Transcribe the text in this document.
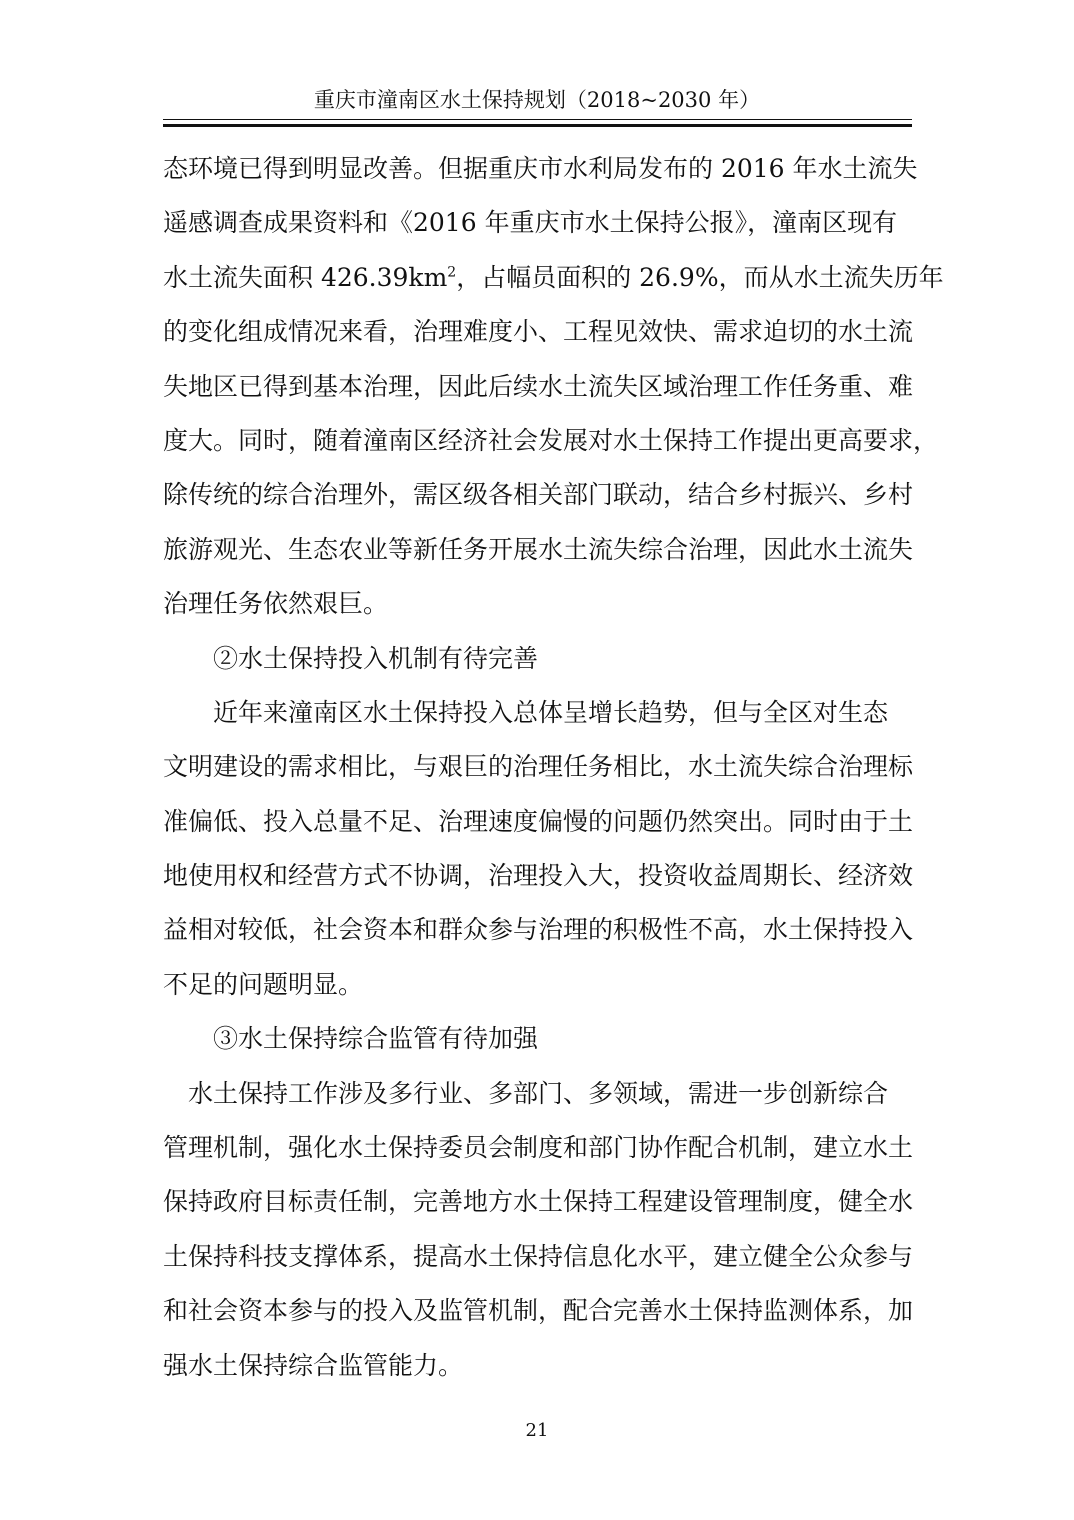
重庆市潼南区水土保持规划（2018~2030 年）
态环境已得到明显改善。但据重庆市水利局发布的 2016 年水土流失
遥感调查成果资料和《2016 年重庆市水土保持公报》，潼南区现有
水土流失面积 $426.39km^2$，占幅员面积的 26.9%，而从水土流失历年
的变化组成情况来看，治理难度小、工程见效快、需求迫切的水土流
失地区已得到基本治理，因此后续水土流失区域治理工作任务重、难
度大。同时，随着潼南区经济社会发展对水土保持工作提出更高要求，
除传统的综合治理外，需区级各相关部门联动，结合乡村振兴、乡村
旅游观光、生态农业等新任务开展水土流失综合治理，因此水土流失
治理任务依然艰巨。
　　②水土保持投入机制有待完善
　　近年来潼南区水土保持投入总体呈增长趋势，但与全区对生态
文明建设的需求相比，与艰巨的治理任务相比，水土流失综合治理标
准偏低、投入总量不足、治理速度偏慢的问题仍然突出。同时由于土
地使用权和经营方式不协调，治理投入大，投资收益周期长、经济效
益相对较低，社会资本和群众参与治理的积极性不高，水土保持投入
不足的问题明显。
　　③水土保持综合监管有待加强
　水土保持工作涉及多行业、多部门、多领域，需进一步创新综合
管理机制，强化水土保持委员会制度和部门协作配合机制，建立水土
保持政府目标责任制，完善地方水土保持工程建设管理制度，健全水
土保持科技支撑体系，提高水土保持信息化水平，建立健全公众参与
和社会资本参与的投入及监管机制，配合完善水土保持监测体系，加
强水土保持综合监管能力。
21
